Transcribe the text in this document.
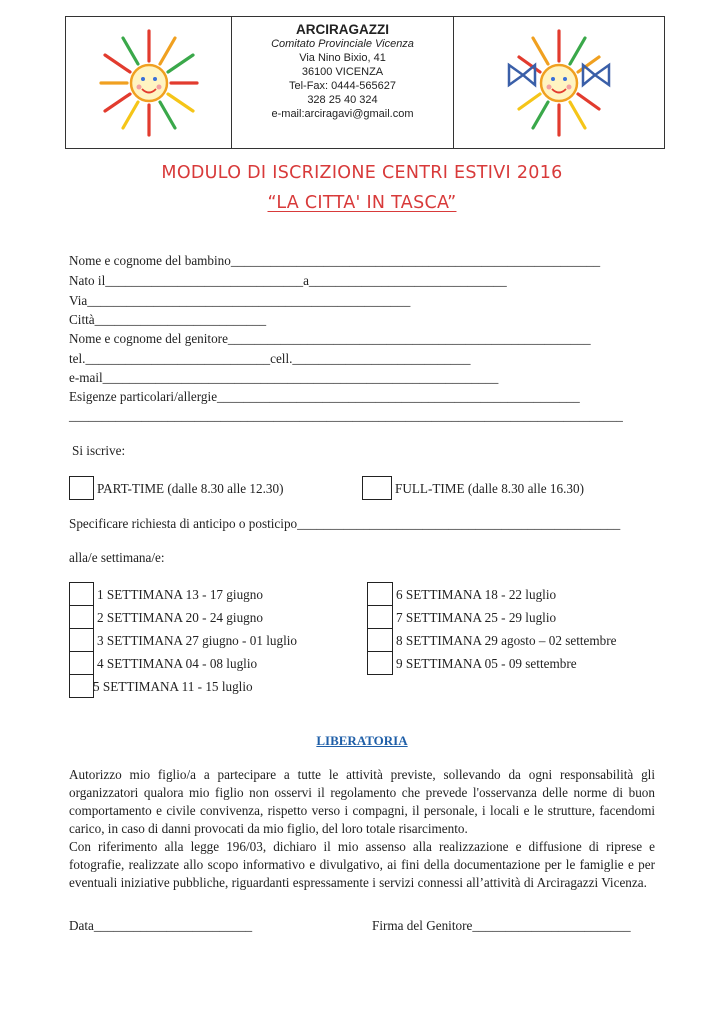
ARCIRAGAZZI
Comitato Provinciale Vicenza
Via Nino Bixio, 41
36100 VICENZA
Tel-Fax: 0444-565627
328 25 40 324
e-mail:arciragavi@gmail.com
MODULO DI ISCRIZIONE CENTRI ESTIVI 2016
“LA CITTA' IN TASCA”
Nome e cognome del bambino________________________________________________________
Nato il______________________________a______________________________
Via_________________________________________________
Città__________________________
Nome e cognome del genitore_______________________________________________________
tel.____________________________cell.___________________________
e-mail____________________________________________________________
Esigenze particolari/allergie_______________________________________________________
____________________________________________________________________________________
Si iscrive:
PART-TIME (dalle 8.30 alle 12.30)	FULL-TIME (dalle 8.30 alle 16.30)
Specificare richiesta di anticipo o posticipo_________________________________________________
alla/e settimana/e:
1 SETTIMANA 13 - 17 giugno
2 SETTIMANA 20 - 24 giugno
3 SETTIMANA 27 giugno - 01 luglio
4 SETTIMANA 04 - 08 luglio
5 SETTIMANA 11 - 15 luglio
6 SETTIMANA 18 - 22 luglio
7 SETTIMANA 25 - 29 luglio
8 SETTIMANA 29 agosto – 02 settembre
9 SETTIMANA 05 - 09 settembre
LIBERATORIA
Autorizzo mio figlio/a a partecipare a tutte le attività previste, sollevando da ogni responsabilità gli organizzatori qualora mio figlio non osservi il regolamento che prevede l'osservanza delle norme di buon comportamento e civile convivenza, rispetto verso i compagni, il personale, i locali e le strutture, facendomi carico, in caso di danni provocati da mio figlio, del loro totale risarcimento.
Con riferimento alla legge 196/03, dichiaro il mio assenso alla realizzazione e diffusione di riprese e fotografie, realizzate allo scopo informativo e divulgativo, ai fini della documentazione per le famiglie e per eventuali iniziative pubbliche, riguardanti espressamente i servizi connessi all’attività di Arciragazzi Vicenza.
Data________________________	Firma del Genitore________________________
